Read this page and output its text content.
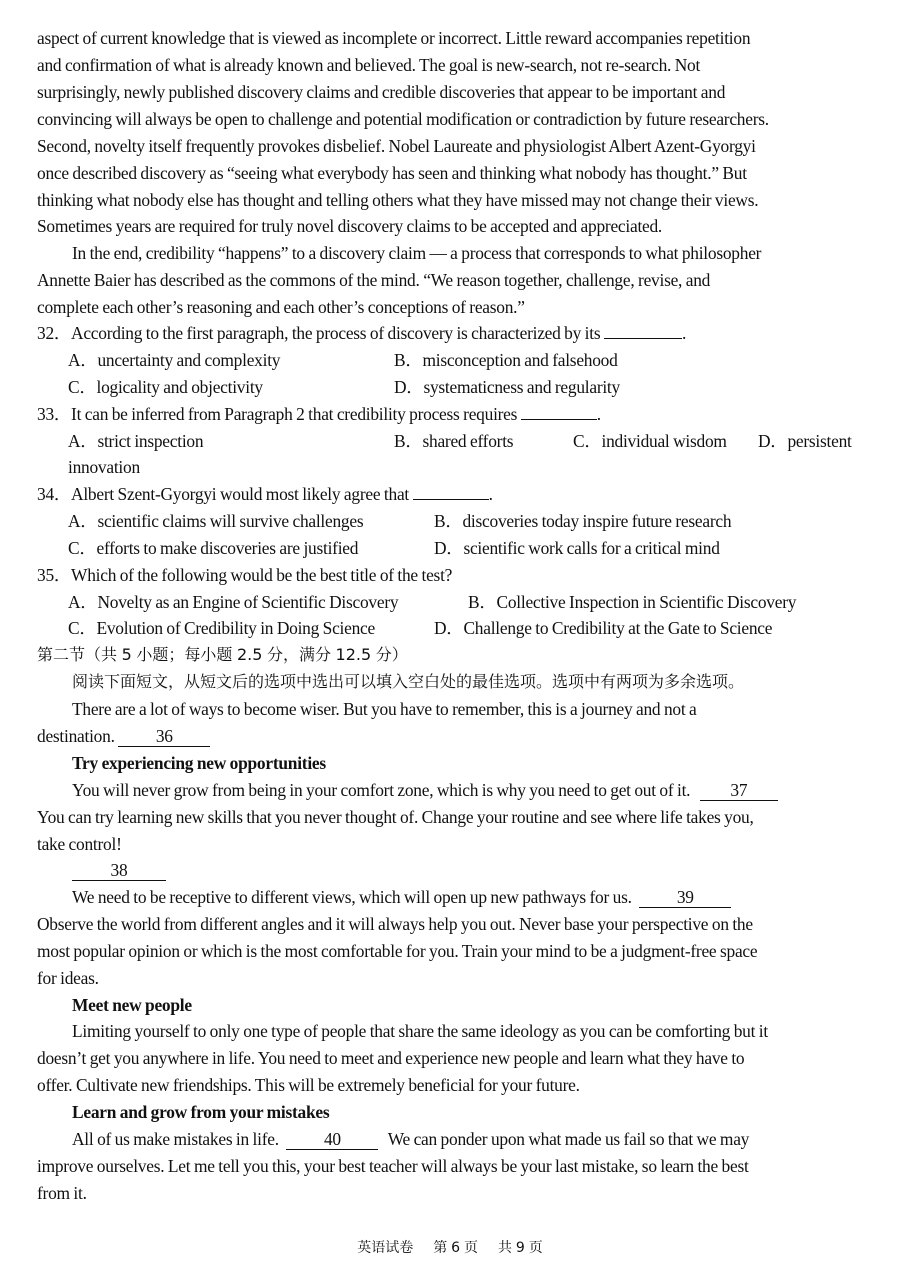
aspect of current knowledge that is viewed as incomplete or incorrect. Little reward accompanies repetition
and confirmation of what is already known and believed. The goal is new-search, not re-search. Not
surprisingly, newly published discovery claims and credible discoveries that appear to be important and
convincing will always be open to challenge and potential modification or contradiction by future researchers.
Second, novelty itself frequently provokes disbelief. Nobel Laureate and physiologist Albert Azent-Gyorgyi
once described discovery as “seeing what everybody has seen and thinking what nobody has thought.” But
thinking what nobody else has thought and telling others what they have missed may not change their views.
Sometimes years are required for truly novel discovery claims to be accepted and appreciated.
In the end, credibility “happens” to a discovery claim — a process that corresponds to what philosopher
Annette Baier has described as the commons of the mind. “We reason together, challenge, revise, and
complete each other’s reasoning and each other’s conceptions of reason.”
32．According to the first paragraph, the process of discovery is characterized by its	.
A．uncertainty and complexity	B．misconception and falsehood
C．logicality and objectivity	D．systematicness and regularity
33．It can be inferred from Paragraph 2 that credibility process requires	.
A．strict inspection	B．shared efforts	C．individual wisdom D．persistent
innovation
34．Albert Szent-Gyorgyi would most likely agree that	.
A．scientific claims will survive challenges	B．discoveries today inspire future research
C．efforts to make discoveries are justified	D．scientific work calls for a critical mind
35．Which of the following would be the best title of the test?
A．Novelty as an Engine of Scientific Discovery	B．Collective Inspection in Scientific Discovery
C．Evolution of Credibility in Doing Science	D．Challenge to Credibility at the Gate to Science
第二节（共 5 小题；每小题 2.5 分，满分 12.5 分）
阅读下面短文，从短文后的选项中选出可以填入空白处的最佳选项。选项中有两项为多余选项。
There are a lot of ways to become wiser. But you have to remember, this is a journey and not a
destination. 36
Try experiencing new opportunities
You will never grow from being in your comfort zone, which is why you need to get out of it. 37
You can try learning new skills that you never thought of. Change your routine and see where life takes you,
take control!
38
We need to be receptive to different views, which will open up new pathways for us.	39
Observe the world from different angles and it will always help you out. Never base your perspective on the
most popular opinion or which is the most comfortable for you. Train your mind to be a judgment-free space
for ideas.
Meet new people
Limiting yourself to only one type of people that share the same ideology as you can be comforting but it
doesn’t get you anywhere in life. You need to meet and experience new people and learn what they have to
offer. Cultivate new friendships. This will be extremely beneficial for your future.
Learn and grow from your mistakes
All of us make mistakes in life.	40	We can ponder upon what made us fail so that we may
improve ourselves. Let me tell you this, your best teacher will always be your last mistake, so learn the best
from it.
英语试卷 第 6 页 共 9 页
